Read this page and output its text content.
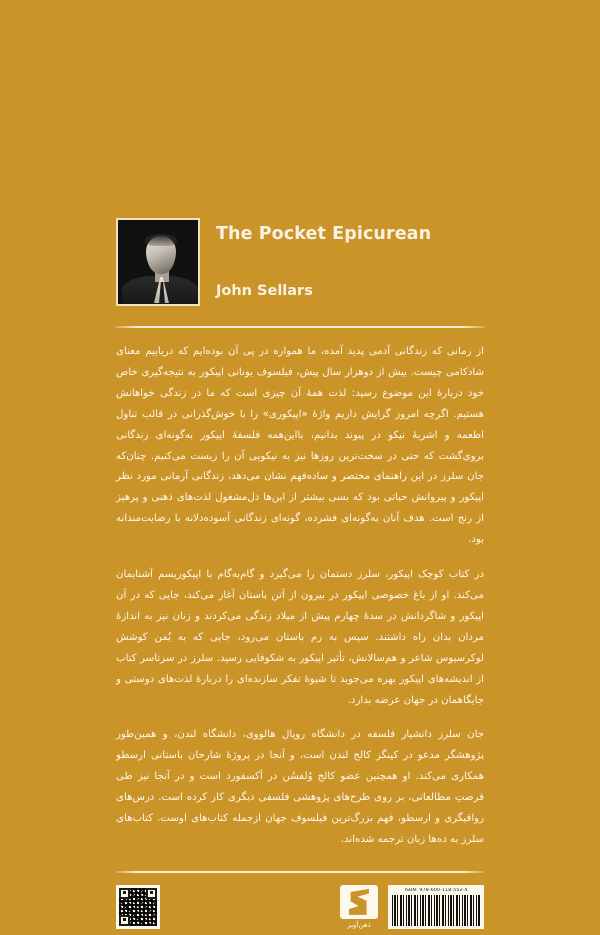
The Pocket Epicurean

John Sellars

از زمانی که زندگانی آدمی پدید آمده، ما همواره در پی آن بوده‌ایم که دریابیم معنای شادکامی چیست. بیش از دوهزار سال پیش، فیلسوف یونانی اپیکور به نتیجه‌گیری خاص خود دربارهٔ این موضوع رسید: لذت همهٔ آن چیزی است که ما در زندگی خواهانش هستیم. اگرچه امروز گرایش داریم واژهٔ «اپیکوری» را با خوش‌گذرانی در قالب تناول اطعمه و اشربهٔ نیکو در پیوند بدانیم، بااین‌همه فلسفهٔ اپیکور به‌گونه‌ای زندگانی بروی‌گشت که حتی در سخت‌ترین روزها نیز به نیکویی آن را زیست می‌کنیم. چنان‌که جان سلرز در این راهنمای مختصر و ساده‌فهم نشان می‌دهد، زندگانی آرمانی مورد نظر اپیکور و پیروانش حیاتی بود که بسی بیشتر از این‌ها دل‌مشغول لذت‌های ذهنی و پرهیز از رنج است. هدف آنان به‌گونه‌ای فشرده، گونه‌ای زندگانی آسوده‌دلانه با رضایت‌مندانه بود.

در کتاب کوچک اپیکور، سلرز دستمان را می‌گیرد و گام‌به‌گام با اپیکوریسم آشنایمان می‌کند. او از باغ خصوصی اپیکور در بیرون از آتن باستان آغاز می‌کند، جایی که در آن اپیکور و شاگردانش در سدهٔ چهارم پیش از میلاد زندگی می‌کردند و زنان نیز به اندازهٔ مردان بدان راه داشتند. سپس به رم باستان می‌رود، جایی که به یُمن کوشش لوکرسیوس شاعر و هم‌سالانش، تأثیر اپیکور به شکوفایی رسید. سلرز در سرتاسر کتاب از اندیشه‌های اپیکور بهره می‌جوید تا شیوهٔ تفکر سازنده‌ای را دربارهٔ لذت‌های دوستی و جایگاهمان در جهان عرضه بدارد.

جان سلرز دانشیار فلسفه در دانشگاه رویال هالووی، دانشگاه لندن، و همین‌طور پژوهشگر مدعو در کینگز کالج لندن است، و آنجا در پروژهٔ شارحان باستانی ارسطو همکاری می‌کند. او همچنین عضو کالج وُلفسُن در آکسفورد است و در آنجا نیز طی فرصتِ مطالعاتی، بر روی طرح‌های پژوهشی فلسفی دیگری کار کرده است. درس‌های رواقیگری و ارسطو، فهم بزرگ‌ترین فیلسوف جهان ازجمله کتاب‌های اوست. کتاب‌های سلرز به ده‌ها زبان ترجمه شده‌اند.

ذهن‌آویز
ISBN: 978-600-118-552-4
